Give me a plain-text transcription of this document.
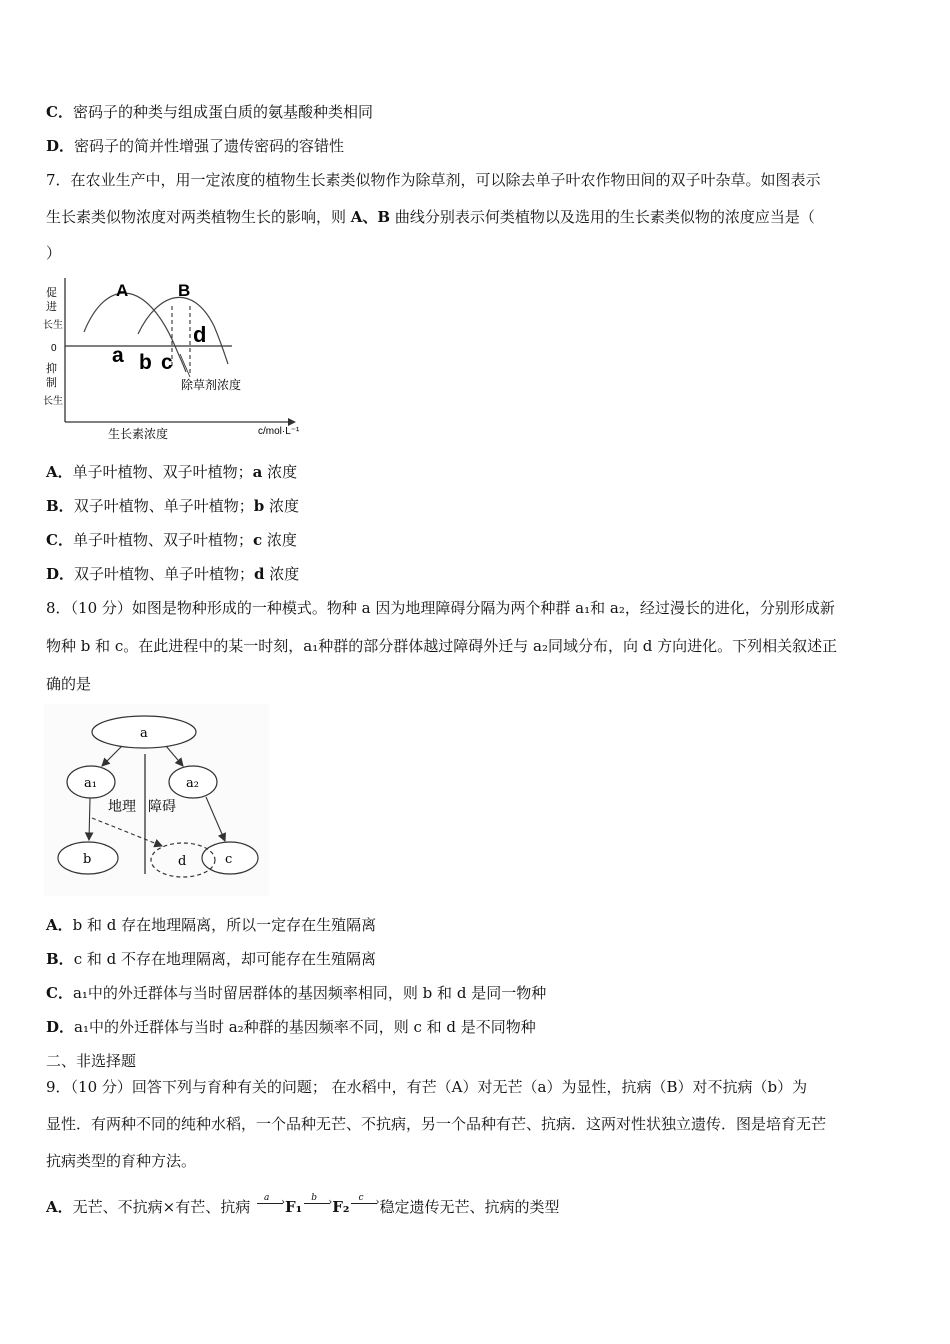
C．密码子的种类与组成蛋白质的氨基酸种类相同
D．密码子的简并性增强了遗传密码的容错性
7．在农业生产中，用一定浓度的植物生长素类似物作为除草剂，可以除去单子叶农作物田间的双子叶杂草。如图表示
生长素类似物浓度对两类植物生长的影响，则 A、B 曲线分别表示何类植物以及选用的生长素类似物的浓度应当是（
）
A	B
d
a b c
0
促
进
长生
抑
制
长生
除草剂浓度
生长素浓度	c/mol·L⁻¹
A．单子叶植物、双子叶植物；a 浓度
B．双子叶植物、单子叶植物；b 浓度
C．单子叶植物、双子叶植物；c 浓度
D．双子叶植物、单子叶植物；d 浓度
8．（10 分）如图是物种形成的一种模式。物种 a 因为地理障碍分隔为两个种群 a₁和 a₂，经过漫长的进化，分别形成新
物种 b 和 c。在此进程中的某一时刻，a₁种群的部分群体越过障碍外迁与 a₂同域分布，向 d 方向进化。下列相关叙述正
确的是
a
a₁	a₂
b	c
d
地理 障碍
A．b 和 d 存在地理隔离，所以一定存在生殖隔离
B．c 和 d 不存在地理隔离，却可能存在生殖隔离
C．a₁中的外迁群体与当时留居群体的基因频率相同，则 b 和 d 是同一物种
D．a₁中的外迁群体与当时 a₂种群的基因频率不同，则 c 和 d 是不同物种
二、非选择题
9．（10 分）回答下列与育种有关的问题； 在水稻中，有芒（A）对无芒（a）为显性，抗病（B）对不抗病（b）为
显性．有两种不同的纯种水稻，一个品种无芒、不抗病，另一个品种有芒、抗病．这两对性状独立遗传．图是培育无芒
抗病类型的育种方法。
A．无芒、不抗病×有芒、抗病 a › F₁ b › F₂ c › 稳定遗传无芒、抗病的类型
